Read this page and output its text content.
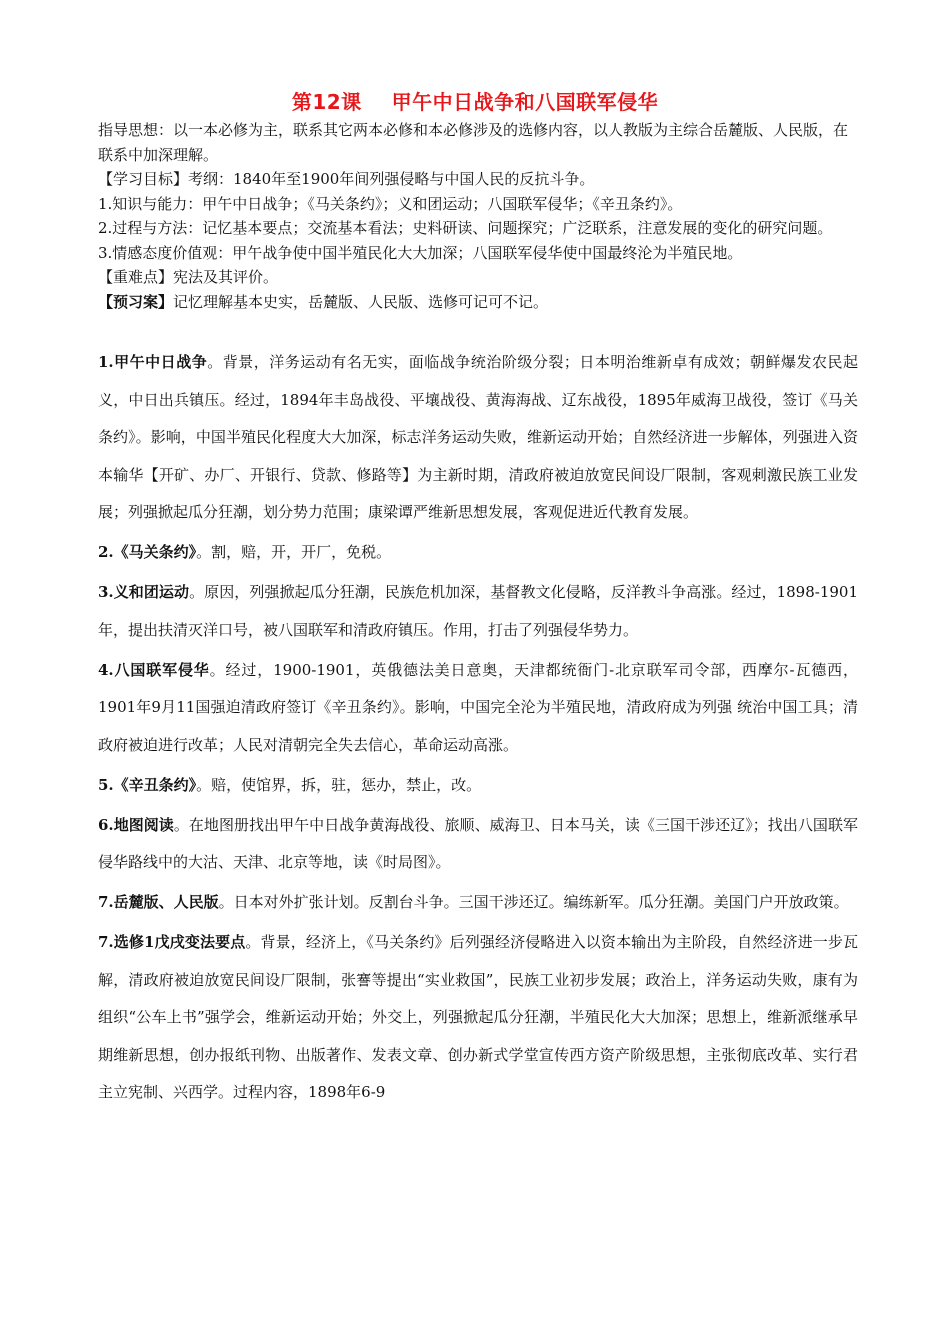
第12课 甲午中日战争和八国联军侵华

指导思想：以一本必修为主，联系其它两本必修和本必修涉及的选修内容，以人教版为主综合岳麓版、人民版，在联系中加深理解。

【学习目标】考纲：1840年至1900年间列强侵略与中国人民的反抗斗争。

1.知识与能力：甲午中日战争；《马关条约》；义和团运动；八国联军侵华；《辛丑条约》。

2.过程与方法：记忆基本要点；交流基本看法；史料研读、问题探究；广泛联系，注意发展的变化的研究问题。

3.情感态度价值观：甲午战争使中国半殖民化大大加深；八国联军侵华使中国最终沦为半殖民地。

【重难点】宪法及其评价。

【预习案】记忆理解基本史实，岳麓版、人民版、选修可记可不记。

1.甲午中日战争。背景，洋务运动有名无实，面临战争统治阶级分裂；日本明治维新卓有成效；朝鲜爆发农民起义，中日出兵镇压。经过，1894年丰岛战役、平壤战役、黄海海战、辽东战役，1895年威海卫战役，签订《马关条约》。影响，中国半殖民化程度大大加深，标志洋务运动失败，维新运动开始；自然经济进一步解体，列强进入资本输华【开矿、办厂、开银行、贷款、修路等】为主新时期，清政府被迫放宽民间设厂限制，客观刺激民族工业发展；列强掀起瓜分狂潮，划分势力范围；康梁谭严维新思想发展，客观促进近代教育发展。

2.《马关条约》。割，赔，开，开厂，免税。

3.义和团运动。原因，列强掀起瓜分狂潮，民族危机加深，基督教文化侵略，反洋教斗争高涨。经过，1898-1901年，提出扶清灭洋口号，被八国联军和清政府镇压。作用，打击了列强侵华势力。

4.八国联军侵华。经过，1900-1901，英俄德法美日意奥，天津都统衙门-北京联军司令部，西摩尔-瓦德西，1901年9月11国强迫清政府签订《辛丑条约》。影响，中国完全沦为半殖民地，清政府成为列强 统治中国工具；清政府被迫进行改革；人民对清朝完全失去信心，革命运动高涨。

5.《辛丑条约》。赔，使馆界，拆，驻，惩办，禁止，改。

6.地图阅读。在地图册找出甲午中日战争黄海战役、旅顺、威海卫、日本马关，读《三国干涉还辽》；找出八国联军侵华路线中的大沽、天津、北京等地，读《时局图》。

7.岳麓版、人民版。日本对外扩张计划。反割台斗争。三国干涉还辽。编练新军。瓜分狂潮。美国门户开放政策。

7.选修1戊戌变法要点。背景，经济上，《马关条约》后列强经济侵略进入以资本输出为主阶段，自然经济进一步瓦解，清政府被迫放宽民间设厂限制，张謇等提出“实业救国”，民族工业初步发展；政治上，洋务运动失败，康有为组织“公车上书”强学会，维新运动开始；外交上，列强掀起瓜分狂潮，半殖民化大大加深；思想上，维新派继承早期维新思想，创办报纸刊物、出版著作、发表文章、创办新式学堂宣传西方资产阶级思想，主张彻底改革、实行君主立宪制、兴西学。过程内容，1898年6-9
